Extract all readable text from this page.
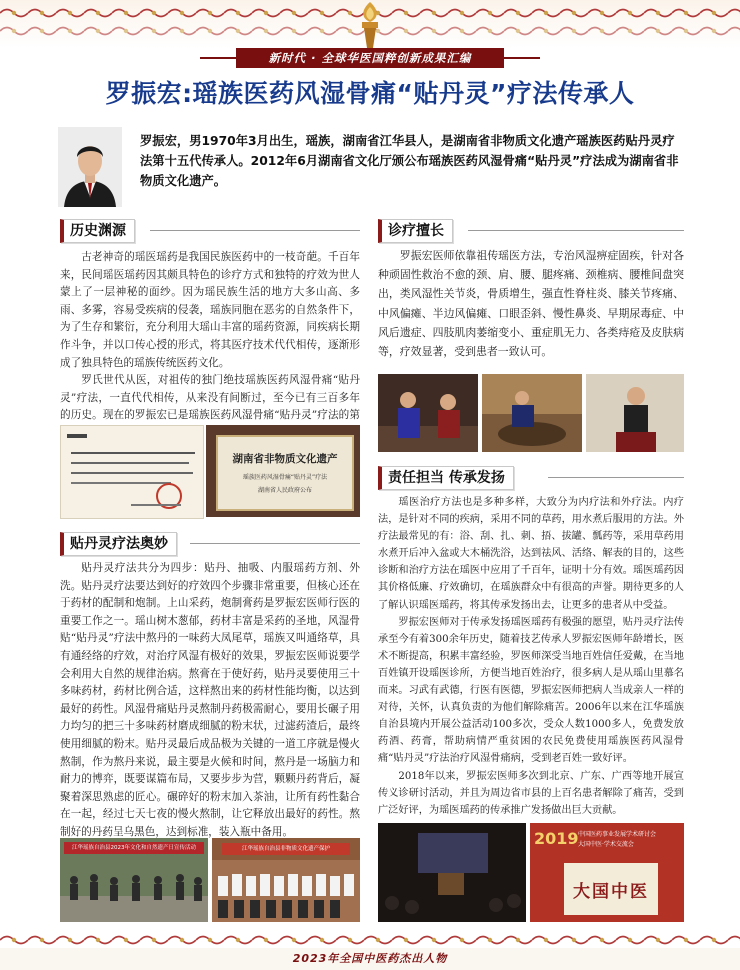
新时代 · 全球华医国粹创新成果汇编
罗振宏:瑶族医药风湿骨痛“贴丹灵”疗法传承人
罗振宏，男1970年3月出生，瑶族，湖南省江华县人，是湖南省非物质文化遗产瑶族医药贴丹灵疗法第十五代传承人。2012年6月湖南省文化厅颁公布瑶族医药风湿骨痛“贴丹灵”疗法成为湖南省非物质文化遗产。
历史渊源

古老神奇的瑶医瑶药是我国民族医药中的一枝奇葩。千百年来，民间瑶医瑶药因其颇具特色的诊疗方式和独特的疗效为世人蒙上了一层神秘的面纱。因为瑶民族生活的地方大多山高、多雨、多雾，容易受疾病的侵袭，瑶族同胞在恶劣的自然条件下，为了生存和繁衍，充分利用大瑶山丰富的瑶药资源，同疾病长期作斗争，并以口传心授的形式，将其医疗技术代代相传，逐渐形成了独具特色的瑶族传统医药文化。

罗氏世代从医，对祖传的独门绝技瑶族医药风湿骨痛“贴丹灵”疗法，一直代代相传，从来没有间断过，至今已有三百多年的历史。现在的罗振宏已是瑶族医药风湿骨痛“贴丹灵”疗法的第

湖南省非物质文化遗产
瑶族医药风湿骨痛“贴丹灵”疗法
湖南省人民政府公布
贴丹灵疗法奥妙

贴丹灵疗法共分为四步：贴丹、抽吸、内服瑶药方剂、外洗。贴丹灵疗法要达到好的疗效四个步骤非常重要，但核心还在于药材的配制和炮制。上山采药，炮制膏药是罗振宏医师行医的重要工作之一。瑶山树木葱郁，药材丰富是采药的圣地，风湿骨贴“贴丹灵”疗法中熬丹的一味药大凤尾草，瑶族又叫通络草，具有通经络的疗效，对治疗风湿有极好的效果，罗振宏医师说要学会利用大自然的规律治病。熬膏在于使好药，贴丹灵要使用三十多味药材，药材比例合适，这样熬出来的药材性能均衡，以达到最好的药性。风湿骨痛贴丹灵熬制丹药极需耐心，要用长碾子用力均匀的把三十多味药材磨成细腻的粉末状，过滤药渣后，最终使用细腻的粉末。贴丹灵最后成品极为关键的一道工序就是慢火熬制，作为熬丹来说，最主要是火候和时间，熬丹是一场脑力和耐力的博弈，既要谋篇布局，又要步步为营，颗颗丹药背后，凝聚着深思熟虑的匠心。碾碎好的粉末加入茶油，让所有药性黏合在一起，经过七天七夜的慢火熬制，让它释放出最好的药性。熬制好的丹药呈乌黑色，达到标准，装入瓶中备用。

江华瑶族自治县2023年文化和自然遗产日宣传活动	江华瑶族自治县非物质文化遗产保护
诊疗擅长

罗振宏医师依靠祖传瑶医方法，专治风湿痹症固疾，针对各种顽固性救治不愈的颈、肩、腰、腿疼痛、颈椎病、腰椎间盘突出，类风湿性关节炎，骨质增生，强直性脊柱炎、膝关节疼痛、中风偏瘫、半边风偏瘫、口眼歪斜、慢性鼻炎、早期尿毒症、中风后遗症、四肢肌肉萎缩变小、重症肌无力、各类痔疮及皮肤病等，疗效显著，受到患者一致认可。

责任担当 传承发扬

瑶医治疗方法也是多种多样，大致分为内疗法和外疗法。内疗法，是针对不同的疾病，采用不同的草药，用水煮后服用的方法。外疗法最常见的有：浴、刮、扎、刺、捂、拔罐、瓢药等，采用草药用水煮开后冲入盆或大木桶洗浴，达到祛风、活络、解表的目的，这些诊断和治疗方法在瑶医中应用了千百年，证明十分有效。瑶医瑶药因其价格低廉、疗效确切，在瑶族群众中有很高的声誉。期待更多的人了解认识瑶医瑶药，将其传承发扬出去，让更多的患者从中受益。

罗振宏医师对于传承发扬瑶医瑶药有极强的愿望，贴丹灵疗法传承至今有着300余年历史，随着技艺传承人罗振宏医师年龄增长，医术不断提高，积累丰富经验，罗医师深受当地百姓信任爱戴，在当地百姓镇开设瑶医诊所，方便当地百姓治疗，很多病人是从瑶山里慕名而来。习武有武德，行医有医德，罗振宏医师把病人当成亲人一样的对待，关怀，认真负责的为他们解除痛苦。2006年以来在江华瑶族自治县境内开展公益活动100多次，受众人数1000多人，免费发放药酒、药膏，帮助病情严重贫困的农民免费使用瑶族医药风湿骨痛“贴丹灵”疗法治疗风湿骨痛病，受到老百姓一致好评。

2018年以来，罗振宏医师多次到北京、广东、广西等地开展宣传义诊研讨活动，并且为周边省市县的上百名患者解除了痛苦，受到广泛好评，为瑶医瑶药的传承推广发扬做出巨大贡献。

2019 中国医药事业发展学术研讨会
大国中医·学术交流会
大国中医
2023年全国中医药杰出人物
